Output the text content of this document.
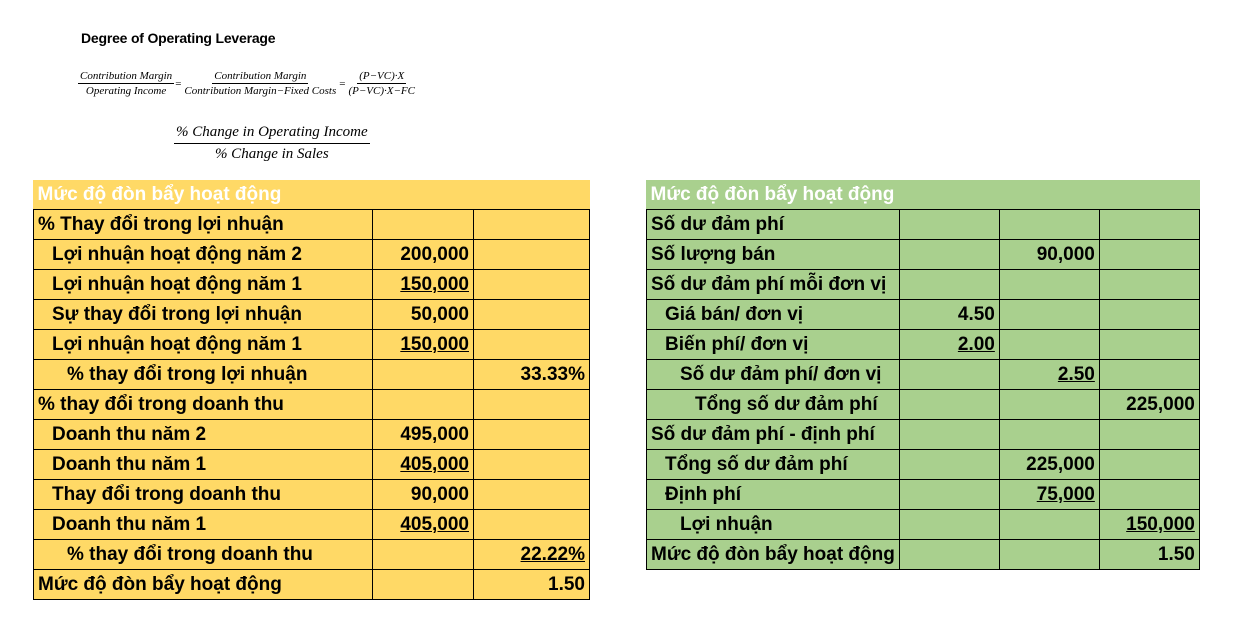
Degree of Operating Leverage
$\frac{\text{Contribution Margin}}{\text{Operating Income}} = \frac{\text{Contribution Margin}}{\text{Contribution Margin−Fixed Costs}} = \frac{(P-VC)\cdot X}{(P-VC)\cdot X-FC}$
$\frac{\text{\% Change in Operating Income}}{\text{\% Change in Sales}}$
Mức độ đòn bẩy hoạt động		
% Thay đổi trong lợi nhuận		
Lợi nhuận hoạt động năm 2	200,000	
Lợi nhuận hoạt động năm 1	150,000	
Sự thay đổi trong lợi nhuận	50,000	
Lợi nhuận hoạt động năm 1	150,000	
% thay đổi trong lợi nhuận		33.33%
% thay đổi trong doanh thu		
Doanh thu năm 2	495,000	
Doanh thu năm 1	405,000	
Thay đổi trong doanh thu	90,000	
Doanh thu năm 1	405,000	
% thay đổi trong doanh thu		22.22%
Mức độ đòn bẩy hoạt động		1.50
Mức độ đòn bẩy hoạt động			
Số dư đảm phí			
Số lượng bán		90,000	
Số dư đảm phí mỗi đơn vị			
Giá bán/ đơn vị	4.50		
Biến phí/ đơn vị	2.00		
Số dư đảm phí/ đơn vị		2.50	
Tổng số dư đảm phí			225,000
Số dư đảm phí - định phí			
Tổng số dư đảm phí		225,000	
Định phí		75,000	
Lợi nhuận			150,000
Mức độ đòn bẩy hoạt động			1.50
